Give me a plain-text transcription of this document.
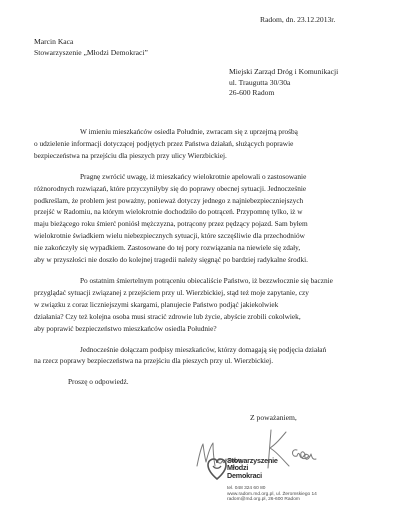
Radom, dn. 23.12.2013r.
Marcin Kaca
Stowarzyszenie „Młodzi Demokraci”
Miejski Zarząd Dróg i Komunikacji
ul. Traugutta 30/30a
26-600 Radom
W imieniu mieszkańców osiedla Południe, zwracam się z uprzejmą prośbą
o udzielenie informacji dotyczącej podjętych przez Państwa działań, służących poprawie
bezpieczeństwa na przejściu dla pieszych przy ulicy Wierzbickiej.
Pragnę zwrócić uwagę, iż mieszkańcy wielokrotnie apelowali o zastosowanie
różnorodnych rozwiązań, które przyczyniłyby się do poprawy obecnej sytuacji. Jednocześnie
podkreślam, że problem jest poważny, ponieważ dotyczy jednego z najniebezpieczniejszych
przejść w Radomiu, na którym wielokrotnie dochodziło do potrąceń. Przypomnę tylko, iż w
maju bieżącego roku śmierć poniósł mężczyzna, potrącony przez pędzący pojazd. Sam byłem
wielokrotnie świadkiem wielu niebezpiecznych sytuacji, które szczęśliwie dla przechodniów
nie zakończyły się wypadkiem. Zastosowane do tej pory rozwiązania na niewiele się zdały,
aby w przyszłości nie doszło do kolejnej tragedii należy sięgnąć po bardziej radykalne środki.
Po ostatnim śmiertelnym potrąceniu obiecaliście Państwo, iż bezzwłocznie się bacznie
przyglądać sytuacji związanej z przejściem przy ul. Wierzbickiej, stąd też moje zapytanie, czy
w związku z coraz liczniejszymi skargami, planujecie Państwo podjąć jakiekolwiek
działania? Czy też kolejna osoba musi stracić zdrowie lub życie, abyście zrobili cokolwiek,
aby poprawić bezpieczeństwo mieszkańców osiedla Południe?
Jednocześnie dołączam podpisy mieszkańców, którzy domagają się podjęcia działań
na rzecz poprawy bezpieczeństwa na przejściu dla pieszych przy ul. Wierzbickiej.
Proszę o odpowiedź.
Z poważaniem,
Stowarzyszenie
Młodzi
Demokraci
tel. 048 324 60 80
www.radom.md.org.pl, ul. Żeromskiego 14
radom@md.org.pl, 26-600 Radom
